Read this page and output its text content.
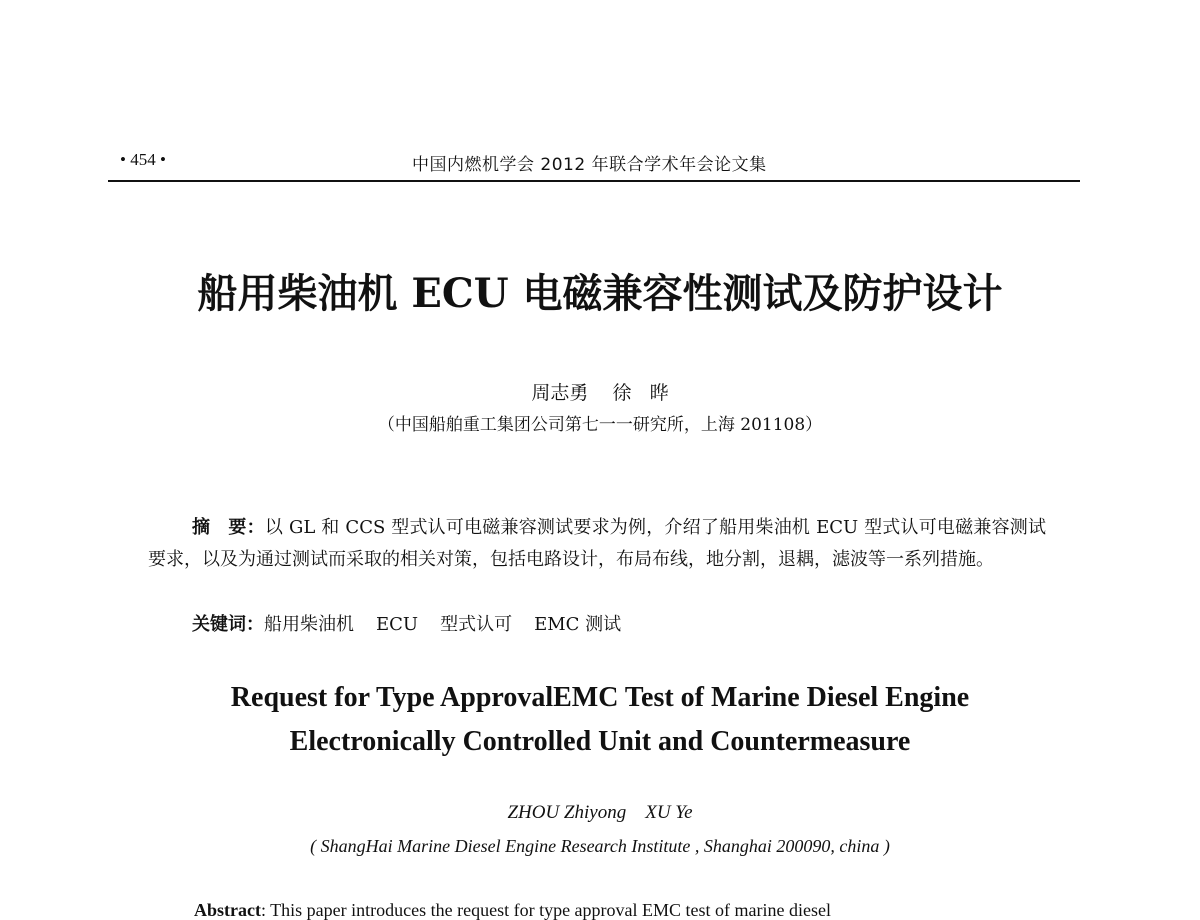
• 454 •	中国内燃机学会 2012 年联合学术年会论文集
船用柴油机 ECU 电磁兼容性测试及防护设计
周志勇    徐   晔
（中国船舶重工集团公司第七一一研究所，上海 201108）

摘　要：以 GL 和 CCS 型式认可电磁兼容测试要求为例，介绍了船用柴油机 ECU 型式认可电磁兼容测试要求，以及为通过测试而采取的相关对策，包括电路设计，布局布线，地分割，退耦，滤波等一系列措施。

关键词：船用柴油机 ECU 型式认可 EMC 测试
Request for Type ApprovalEMC Test of Marine Diesel Engine
Electronically Controlled Unit and Countermeasure
ZHOU Zhiyong    XU Ye
( ShangHai Marine Diesel Engine Research Institute , Shanghai 200090, china )
Abstract: This paper introduces the request for type approval EMC test of marine diesel
